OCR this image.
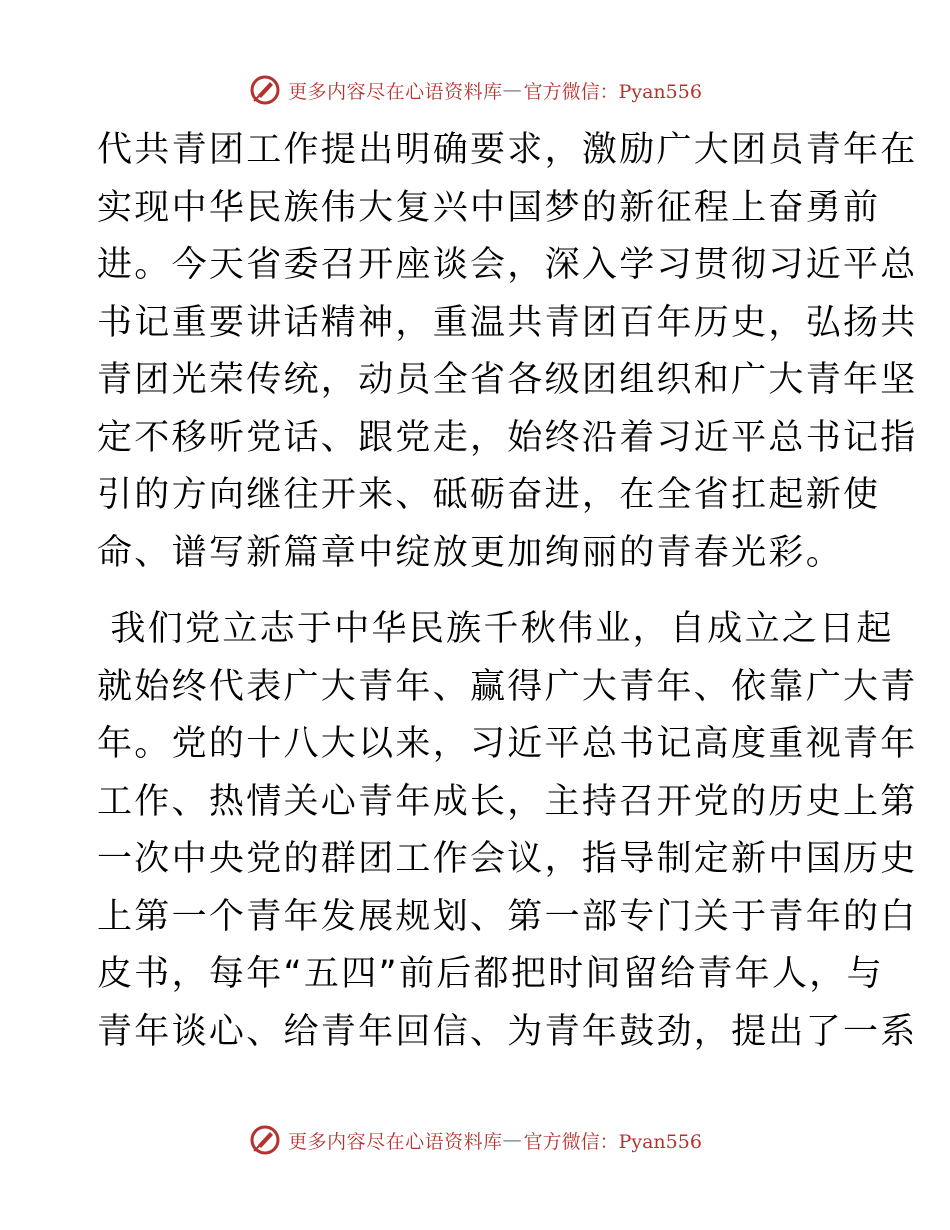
更多内容尽在心语资料库 — 官方微信：Pyan556
代共青团工作提出明确要求，激励广大团员青年在
实现中华民族伟大复兴中国梦的新征程上奋勇前
进。今天省委召开座谈会，深入学习贯彻习近平总
书记重要讲话精神，重温共青团百年历史，弘扬共
青团光荣传统，动员全省各级团组织和广大青年坚
定不移听党话、跟党走，始终沿着习近平总书记指
引的方向继往开来、砥砺奋进，在全省扛起新使
命、谱写新篇章中绽放更加绚丽的青春光彩。
我们党立志于中华民族千秋伟业，自成立之日起
就始终代表广大青年、赢得广大青年、依靠广大青
年。党的十八大以来，习近平总书记高度重视青年
工作、热情关心青年成长，主持召开党的历史上第
一次中央党的群团工作会议，指导制定新中国历史
上第一个青年发展规划、第一部专门关于青年的白
皮书，每年“五四”前后都把时间留给青年人，与
青年谈心、给青年回信、为青年鼓劲，提出了一系
更多内容尽在心语资料库 — 官方微信：Pyan556
